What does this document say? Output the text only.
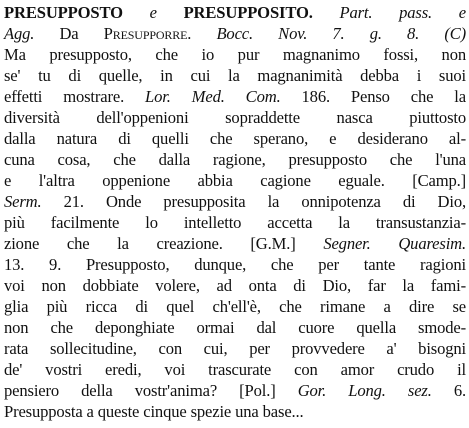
PRESUPPOSTO e PRESUPPOSITO. Part. pass. e
Agg. Da Presupporre. Bocc. Nov. 7. g. 8. (C)
Ma presupposto, che io pur magnanimo fossi, non
se' tu di quelle, in cui la magnanimità debba i suoi
effetti mostrare. Lor. Med. Com. 186. Penso che la
diversità dell'oppenioni sopraddette nasca piuttosto
dalla natura di quelli che sperano, e desiderano al-
cuna cosa, che dalla ragione, presupposto che l'una
e l'altra oppenione abbia cagione eguale. [Camp.]
Serm. 21. Onde presupposita la onnipotenza di Dio,
più facilmente lo intelletto accetta la transustanzia-
zione che la creazione. [G.M.] Segner. Quaresim.
13. 9. Presupposto, dunque, che per tante ragioni
voi non dobbiate volere, ad onta di Dio, far la fami-
glia più ricca di quel ch'ell'è, che rimane a dire se
non che deponghiate ormai dal cuore quella smode-
rata sollecitudine, con cui, per provvedere a' bisogni
de' vostri eredi, voi trascurate con amor crudo il
pensiero della vostr'anima? [Pol.] Gor. Long. sez. 6.
Presupposta a queste cinque spezie una base...
